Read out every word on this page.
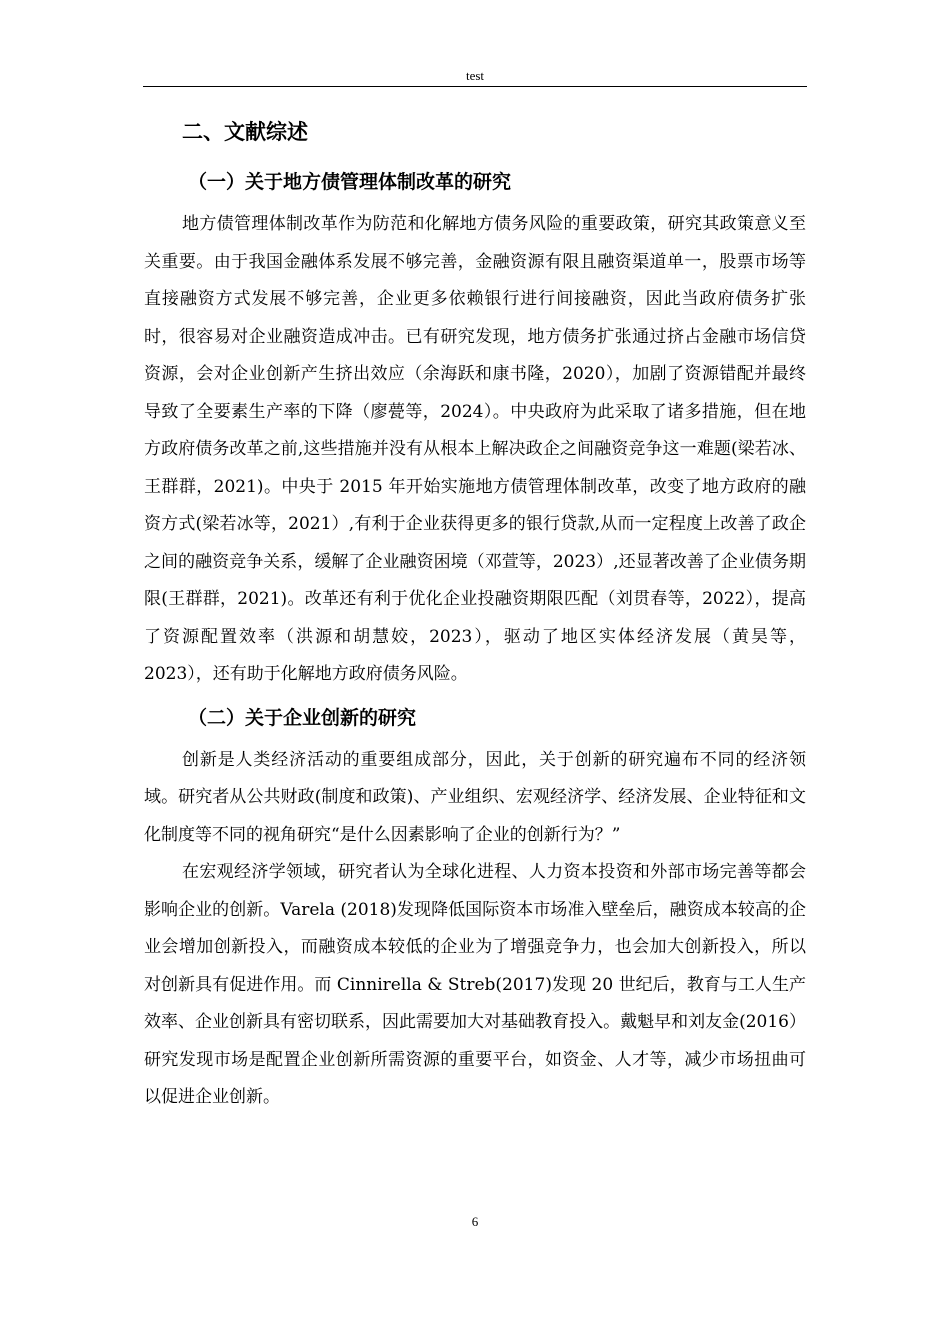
test
二、文献综述
（一）关于地方债管理体制改革的研究

地方债管理体制改革作为防范和化解地方债务风险的重要政策，研究其政策意义至关重要。由于我国金融体系发展不够完善，金融资源有限且融资渠道单一，股票市场等直接融资方式发展不够完善，企业更多依赖银行进行间接融资，因此当政府债务扩张时，很容易对企业融资造成冲击。已有研究发现，地方债务扩张通过挤占金融市场信贷资源，会对企业创新产生挤出效应（余海跃和康书隆，2020），加剧了资源错配并最终导致了全要素生产率的下降（廖甍等，2024）。中央政府为此采取了诸多措施，但在地方政府债务改革之前,这些措施并没有从根本上解决政企之间融资竞争这一难题(梁若冰、王群群，2021)。中央于 2015 年开始实施地方债管理体制改革，改变了地方政府的融资方式(梁若冰等，2021）,有利于企业获得更多的银行贷款,从而一定程度上改善了政企之间的融资竞争关系，缓解了企业融资困境（邓萱等，2023）,还显著改善了企业债务期限(王群群，2021)。改革还有利于优化企业投融资期限匹配（刘贯春等，2022），提高了资源配置效率（洪源和胡慧姣，2023），驱动了地区实体经济发展（黄昊等，2023），还有助于化解地方政府债务风险。

（二）关于企业创新的研究

创新是人类经济活动的重要组成部分，因此，关于创新的研究遍布不同的经济领域。研究者从公共财政(制度和政策)、产业组织、宏观经济学、经济发展、企业特征和文化制度等不同的视角研究“是什么因素影响了企业的创新行为？”

在宏观经济学领域，研究者认为全球化进程、人力资本投资和外部市场完善等都会影响企业的创新。Varela (2018)发现降低国际资本市场准入壁垒后，融资成本较高的企业会增加创新投入，而融资成本较低的企业为了增强竞争力，也会加大创新投入，所以对创新具有促进作用。而 Cinnirella & Streb(2017)发现 20 世纪后，教育与工人生产效率、企业创新具有密切联系，因此需要加大对基础教育投入。戴魁早和刘友金(2016）研究发现市场是配置企业创新所需资源的重要平台，如资金、人才等，减少市场扭曲可以促进企业创新。

6
